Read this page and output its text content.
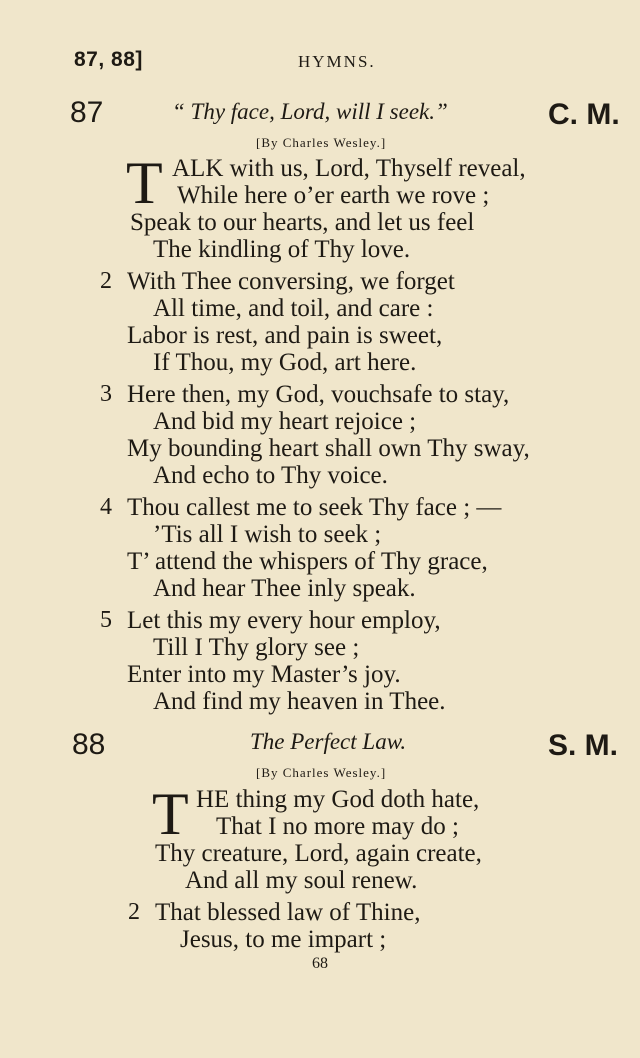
87, 88]	HYMNS.
87	“ Thy face, Lord, will I seek.”	C. M.
[By Charles Wesley.]
T ALK with us, Lord, Thyself reveal,
While here o’er earth we rove ;
Speak to our hearts, and let us feel
The kindling of Thy love.
2 With Thee conversing, we forget
All time, and toil, and care :
Labor is rest, and pain is sweet,
If Thou, my God, art here.
3 Here then, my God, vouchsafe to stay,
And bid my heart rejoice ;
My bounding heart shall own Thy sway,
And echo to Thy voice.
4 Thou callest me to seek Thy face ; —
’Tis all I wish to seek ;
T’ attend the whispers of Thy grace,
And hear Thee inly speak.
5 Let this my every hour employ,
Till I Thy glory see ;
Enter into my Master’s joy.
And find my heaven in Thee.
88	The Perfect Law.	S. M.
[By Charles Wesley.]
T HE thing my God doth hate,
That I no more may do ;
Thy creature, Lord, again create,
And all my soul renew.
2 That blessed law of Thine,
Jesus, to me impart ;
68
